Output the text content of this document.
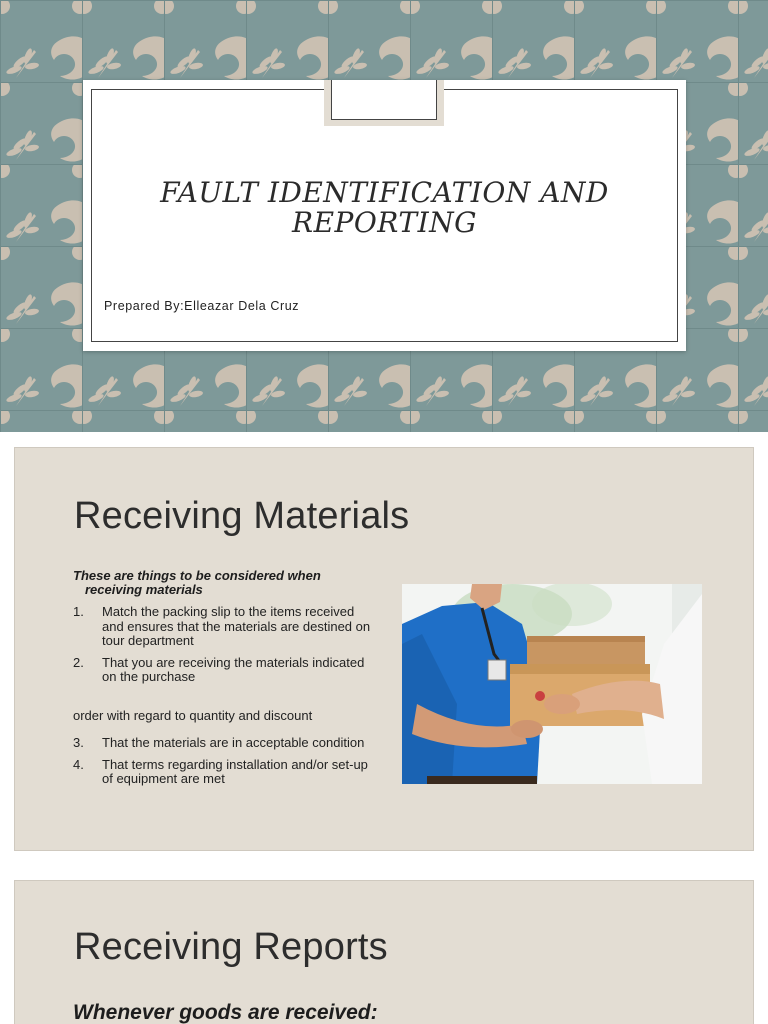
FAULT IDENTIFICATION AND REPORTING
Prepared By:Elleazar Dela Cruz
Receiving Materials
These are things to be considered when receiving materials
1. Match the packing slip to the items received and ensures that the materials are destined on tour department
2. That you are receiving the materials indicated on the purchase
order with regard to quantity and discount
3. That the materials are in acceptable condition
4. That terms regarding installation and/or set-up of equipment are met
Receiving Reports
Whenever goods are received:
